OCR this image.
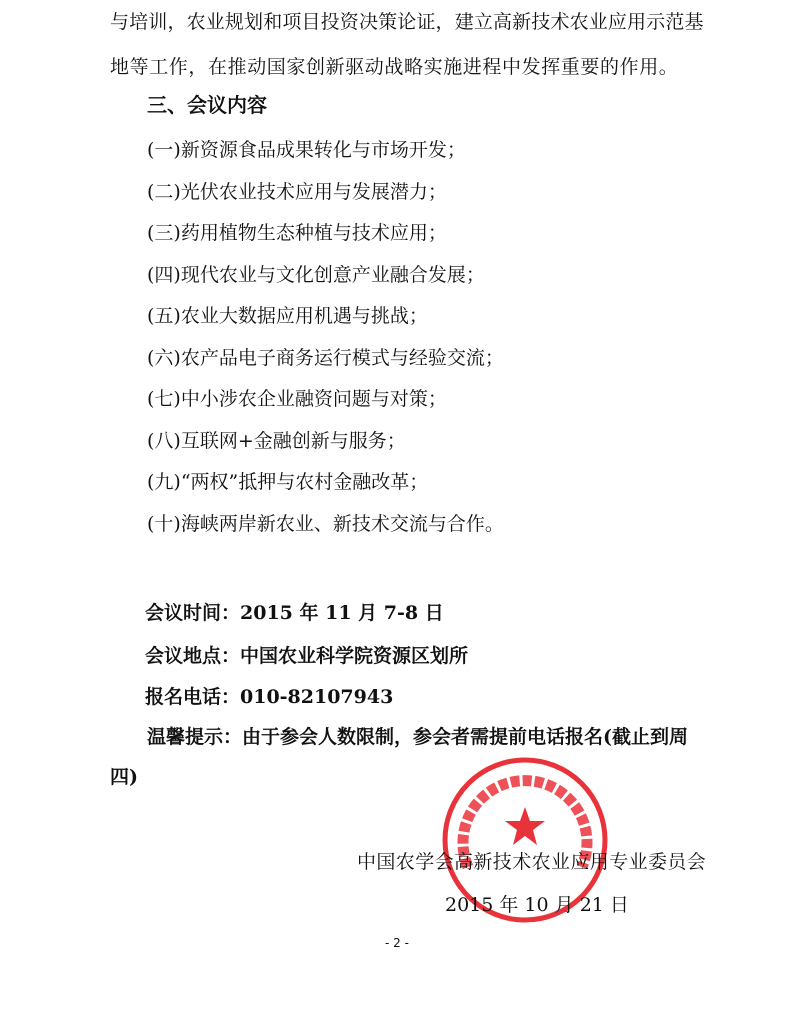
与培训，农业规划和项目投资决策论证，建立高新技术农业应用示范基
地等工作，在推动国家创新驱动战略实施进程中发挥重要的作用。
三、会议内容
(一)新资源食品成果转化与市场开发；
(二)光伏农业技术应用与发展潜力；
(三)药用植物生态种植与技术应用；
(四)现代农业与文化创意产业融合发展；
(五)农业大数据应用机遇与挑战；
(六)农产品电子商务运行模式与经验交流；
(七)中小涉农企业融资问题与对策；
(八)互联网+金融创新与服务；
(九)“两权”抵押与农村金融改革；
(十)海峡两岸新农业、新技术交流与合作。
会议时间：2015 年 11 月 7-8 日
会议地点：中国农业科学院资源区划所
报名电话：010-82107943
温馨提示：由于参会人数限制，参会者需提前电话报名(截止到周
四)
中国农学会高新技术农业应用专业委员会
2015 年 10 月 21 日
- 2 -
